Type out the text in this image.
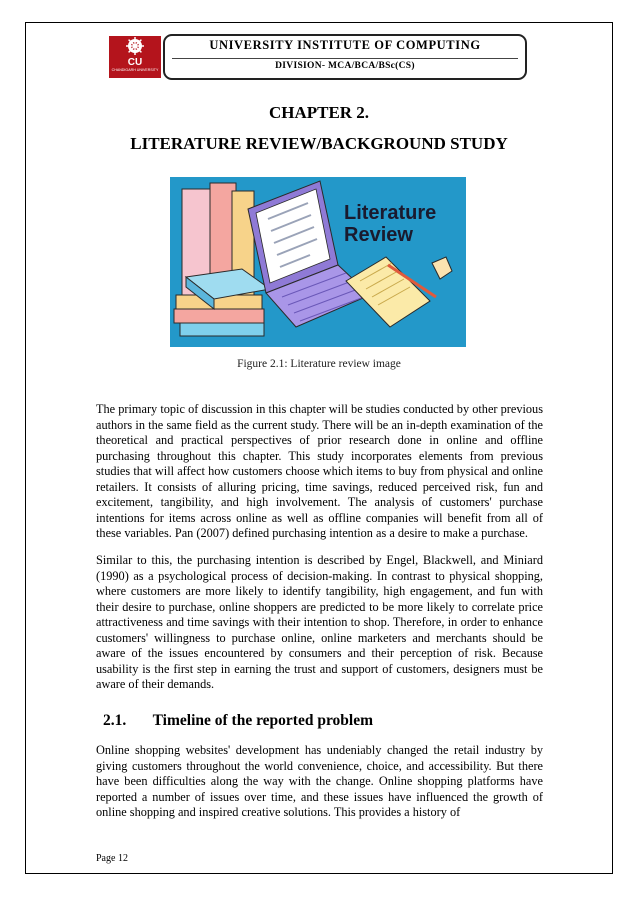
CU
CHANDIGARH UNIVERSITY
UNIVERSITY INSTITUTE OF COMPUTING
DIVISION- MCA/BCA/BSc(CS)
CHAPTER 2.
LITERATURE REVIEW/BACKGROUND STUDY
Literature
Review
Figure 2.1: Literature review image

The primary topic of discussion in this chapter will be studies conducted by other previous authors in the same field as the current study. There will be an in-depth examination of the theoretical and practical perspectives of prior research done in online and offline purchasing throughout this chapter. This study incorporates elements from previous studies that will affect how customers choose which items to buy from physical and online retailers. It consists of alluring pricing, time savings, reduced perceived risk, fun and excitement, tangibility, and high involvement. The analysis of customers' purchase intentions for items across online as well as offline companies will benefit from all of these variables. Pan (2007) defined purchasing intention as a desire to make a purchase.

Similar to this, the purchasing intention is described by Engel, Blackwell, and Miniard (1990) as a psychological process of decision-making. In contrast to physical shopping, where customers are more likely to identify tangibility, high engagement, and fun with their desire to purchase, online shoppers are predicted to be more likely to correlate price attractiveness and time savings with their intention to shop. Therefore, in order to enhance customers' willingness to purchase online, online marketers and merchants should be aware of the issues encountered by consumers and their perception of risk. Because usability is the first step in earning the trust and support of customers, designers must be aware of their demands.

2.1. Timeline of the reported problem

Online shopping websites' development has undeniably changed the retail industry by giving customers throughout the world convenience, choice, and accessibility. But there have been difficulties along the way with the change. Online shopping platforms have reported a number of issues over time, and these issues have influenced the growth of online shopping and inspired creative solutions. This provides a history of

Page 12
